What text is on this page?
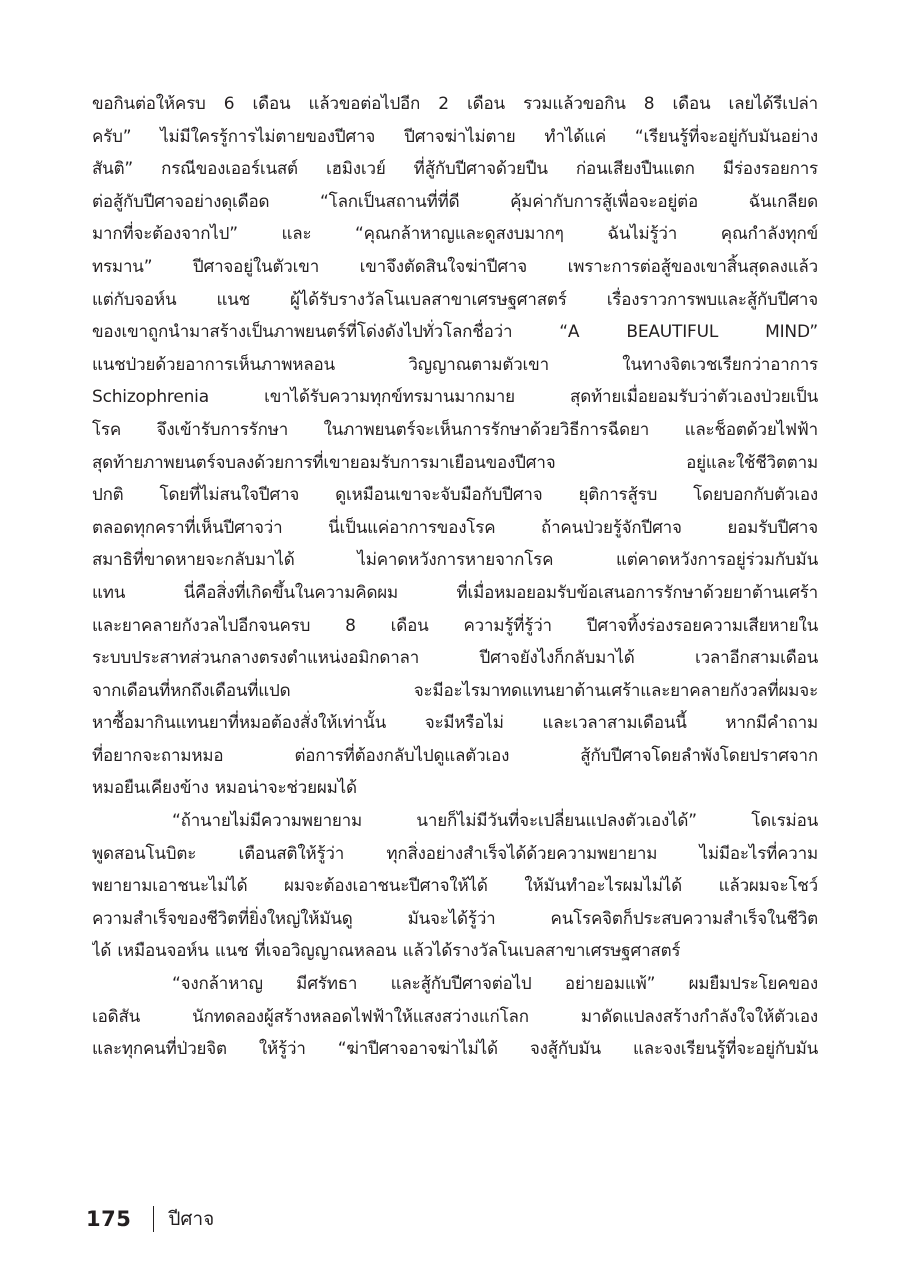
ขอกินต่อให้ครบ 6 เดือน แล้วขอต่อไปอีก 2 เดือน รวมแล้วขอกิน 8 เดือน เลยได้รีเปล่า
ครับ” ไม่มีใครรู้การไม่ตายของปีศาจ ปีศาจฆ่าไม่ตาย ทำได้แค่ “เรียนรู้ที่จะอยู่กับมันอย่าง
สันติ” กรณีของเออร์เนสต์ เฮมิงเวย์ ที่สู้กับปีศาจด้วยปืน ก่อนเสียงปืนแตก มีร่องรอยการ
ต่อสู้กับปีศาจอย่างดุเดือด “โลกเป็นสถานที่ที่ดี คุ้มค่ากับการสู้เพื่อจะอยู่ต่อ ฉันเกลียด
มากที่จะต้องจากไป” และ “คุณกล้าหาญและดูสงบมากๆ ฉันไม่รู้ว่า คุณกำลังทุกข์
ทรมาน” ปีศาจอยู่ในตัวเขา เขาจึงตัดสินใจฆ่าปีศาจ เพราะการต่อสู้ของเขาสิ้นสุดลงแล้ว
แต่กับจอห์น แนช ผู้ได้รับรางวัลโนเบลสาขาเศรษฐศาสตร์ เรื่องราวการพบและสู้กับปีศาจ
ของเขาถูกนำมาสร้างเป็นภาพยนตร์ที่โด่งดังไปทั่วโลกชื่อว่า “A BEAUTIFUL MIND”
แนชป่วยด้วยอาการเห็นภาพหลอน วิญญาณตามตัวเขา ในทางจิตเวชเรียกว่าอาการ
Schizophrenia เขาได้รับความทุกข์ทรมานมากมาย สุดท้ายเมื่อยอมรับว่าตัวเองป่วยเป็น
โรค จึงเข้ารับการรักษา ในภาพยนตร์จะเห็นการรักษาด้วยวิธีการฉีดยา และช็อตด้วยไฟฟ้า
สุดท้ายภาพยนตร์จบลงด้วยการที่เขายอมรับการมาเยือนของปีศาจ อยู่และใช้ชีวิตตาม
ปกติ โดยที่ไม่สนใจปีศาจ ดูเหมือนเขาจะจับมือกับปีศาจ ยุติการสู้รบ โดยบอกกับตัวเอง
ตลอดทุกคราที่เห็นปีศาจว่า นี่เป็นแค่อาการของโรค ถ้าคนป่วยรู้จักปีศาจ ยอมรับปีศาจ
สมาธิที่ขาดหายจะกลับมาได้ ไม่คาดหวังการหายจากโรค แต่คาดหวังการอยู่ร่วมกับมัน
แทน นี่คือสิ่งที่เกิดขึ้นในความคิดผม ที่เมื่อหมอยอมรับข้อเสนอการรักษาด้วยยาต้านเศร้า
และยาคลายกังวลไปอีกจนครบ 8 เดือน ความรู้ที่รู้ว่า ปีศาจทิ้งร่องรอยความเสียหายใน
ระบบประสาทส่วนกลางตรงตำแหน่งอมิกดาลา ปีศาจยังไงก็กลับมาได้ เวลาอีกสามเดือน
จากเดือนที่หกถึงเดือนที่แปด จะมีอะไรมาทดแทนยาต้านเศร้าและยาคลายกังวลที่ผมจะ
หาซื้อมากินแทนยาที่หมอต้องสั่งให้เท่านั้น จะมีหรือไม่ และเวลาสามเดือนนี้ หากมีคำถาม
ที่อยากจะถามหมอ ต่อการที่ต้องกลับไปดูแลตัวเอง สู้กับปีศาจโดยลำพังโดยปราศจาก
หมอยืนเคียงข้าง หมอน่าจะช่วยผมได้

“ถ้านายไม่มีความพยายาม นายก็ไม่มีวันที่จะเปลี่ยนแปลงตัวเองได้” โดเรม่อน
พูดสอนโนบิตะ เตือนสติให้รู้ว่า ทุกสิ่งอย่างสำเร็จได้ด้วยความพยายาม ไม่มีอะไรที่ความ
พยายามเอาชนะไม่ได้ ผมจะต้องเอาชนะปีศาจให้ได้ ให้มันทำอะไรผมไม่ได้ แล้วผมจะโชว์
ความสำเร็จของชีวิตที่ยิ่งใหญ่ให้มันดู มันจะได้รู้ว่า คนโรคจิตก็ประสบความสำเร็จในชีวิต
ได้ เหมือนจอห์น แนช ที่เจอวิญญาณหลอน แล้วได้รางวัลโนเบลสาขาเศรษฐศาสตร์

“จงกล้าหาญ มีศรัทธา และสู้กับปีศาจต่อไป อย่ายอมแพ้” ผมยืมประโยคของ
เอดิสัน นักทดลองผู้สร้างหลอดไฟฟ้าให้แสงสว่างแก่โลก มาดัดแปลงสร้างกำลังใจให้ตัวเอง
และทุกคนที่ป่วยจิต ให้รู้ว่า “ฆ่าปีศาจอาจฆ่าไม่ได้ จงสู้กับมัน และจงเรียนรู้ที่จะอยู่กับมัน

175 ปีศาจ
